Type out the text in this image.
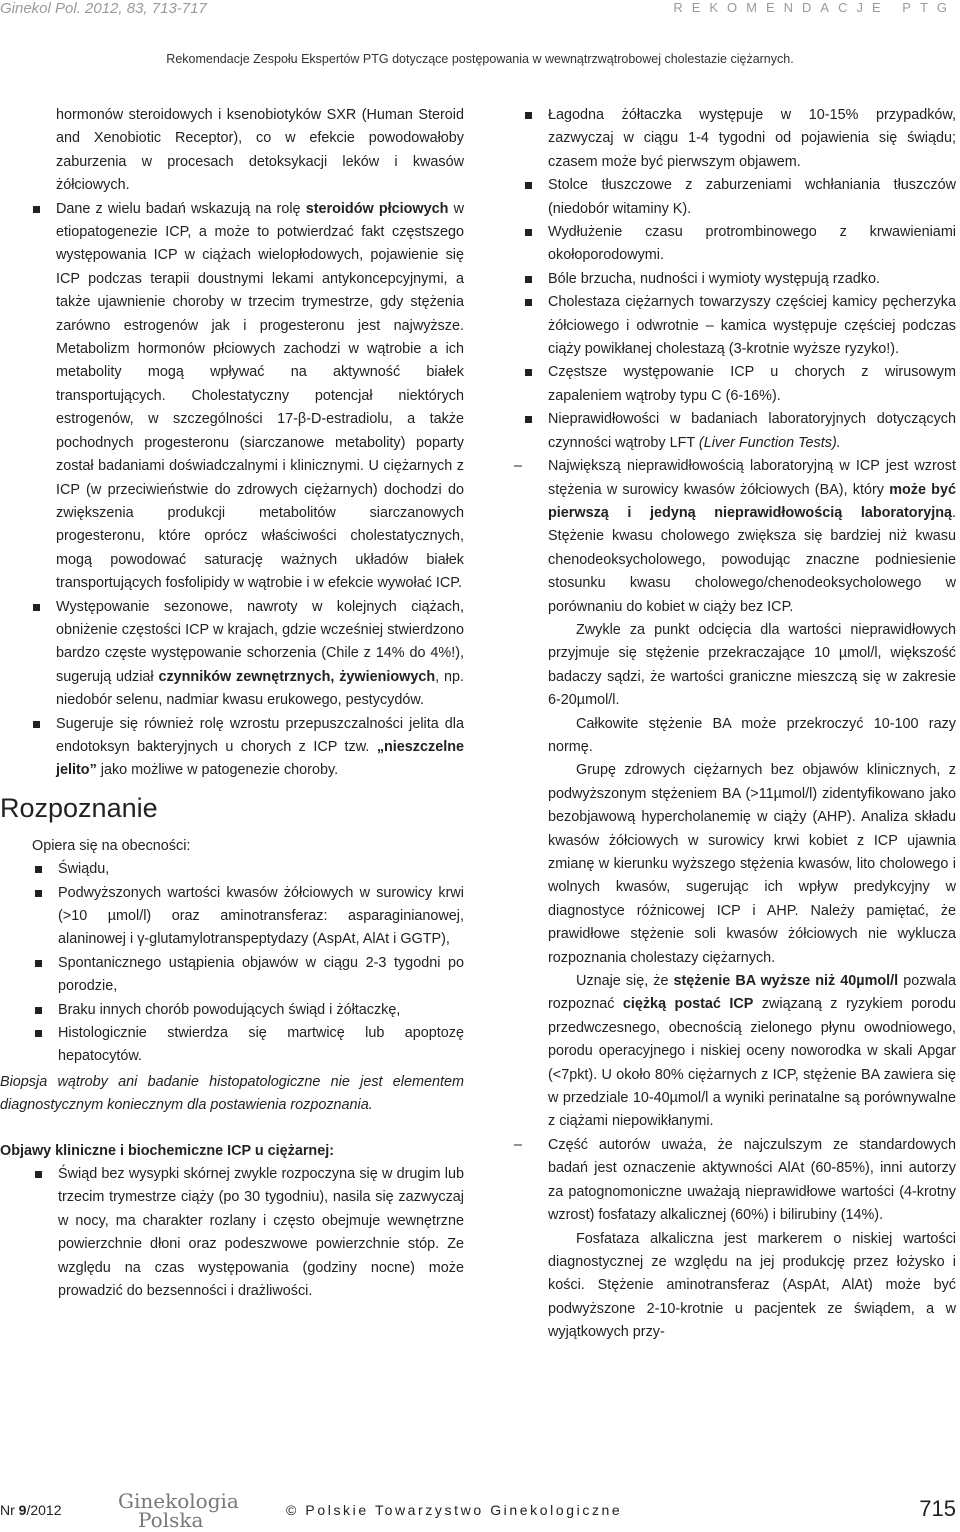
Ginekol Pol. 2012, 83, 713-717	REKOMENDACJE PTG
Rekomendacje Zespołu Ekspertów PTG dotyczące postępowania w wewnątrzwątrobowej cholestazie ciężarnych.

hormonów steroidowych i ksenobiotyków SXR (Human Steroid and Xenobiotic Receptor), co w efekcie powodowałoby zaburzenia w procesach detoksykacji leków i kwasów żółciowych.

Dane z wielu badań wskazują na rolę steroidów płciowych w etiopatogenezie ICP, a może to potwierdzać fakt częstszego występowania ICP w ciążach wielopłodowych, pojawienie się ICP podczas terapii doustnymi lekami antykoncepcyjnymi, a także ujawnienie choroby w trzecim trymestrze, gdy stężenia zarówno estrogenów jak i progesteronu jest najwyższe. Metabolizm hormonów płciowych zachodzi w wątrobie a ich metabolity mogą wpływać na aktywność białek transportujących. Cholestatyczny potencjał niektórych estrogenów, w szczególności 17-β-D-estradiolu, a także pochodnych progesteronu (siarczanowe metabolity) poparty został badaniami doświadczalnymi i klinicznymi. U ciężarnych z ICP (w przeciwieństwie do zdrowych ciężarnych) dochodzi do zwiększenia produkcji metabolitów siarczanowych progesteronu, które oprócz właściwości cholestatycznych, mogą powodować saturację ważnych układów białek transportujących fosfolipidy w wątrobie i w efekcie wywołać ICP.

Występowanie sezonowe, nawroty w kolejnych ciążach, obniżenie częstości ICP w krajach, gdzie wcześniej stwierdzono bardzo częste występowanie schorzenia (Chile z 14% do 4%!), sugerują udział czynników zewnętrznych, żywieniowych, np. niedobór selenu, nadmiar kwasu erukowego, pestycydów.

Sugeruje się również rolę wzrostu przepuszczalności jelita dla endotoksyn bakteryjnych u chorych z ICP tzw. „nieszczelne jelito” jako możliwe w patogenezie choroby.

Rozpoznanie

Opiera się na obecności:

Świądu,

Podwyższonych wartości kwasów żółciowych w surowicy krwi (>10 µmol/l) oraz aminotransferaz: asparaginianowej, alaninowej i γ-glutamylotranspeptydazy (AspAt, AlAt i GGTP),

Spontanicznego ustąpienia objawów w ciągu 2-3 tygodni po porodzie,

Braku innych chorób powodujących świąd i żółtaczkę,

Histologicznie stwierdza się martwicę lub apoptozę hepatocytów.

Biopsja wątroby ani badanie histopatologiczne nie jest elementem diagnostycznym koniecznym dla postawienia rozpoznania.

Objawy kliniczne i biochemiczne ICP u ciężarnej:

Świąd bez wysypki skórnej zwykle rozpoczyna się w drugim lub trzecim trymestrze ciąży (po 30 tygodniu), nasila się zazwyczaj w nocy, ma charakter rozlany i często obejmuje wewnętrzne powierzchnie dłoni oraz podeszwowe powierzchnie stóp. Ze względu na czas występowania (godziny nocne) może prowadzić do bezsenności i drażliwości.

Łagodna żółtaczka występuje w 10-15% przypadków, zazwyczaj w ciągu 1-4 tygodni od pojawienia się świądu; czasem może być pierwszym objawem.

Stolce tłuszczowe z zaburzeniami wchłaniania tłuszczów (niedobór witaminy K).

Wydłużenie czasu protrombinowego z krwawieniami okołoporodowymi.

Bóle brzucha, nudności i wymioty występują rzadko.

Cholestaza ciężarnych towarzyszy częściej kamicy pęcherzyka żółciowego i odwrotnie – kamica występuje częściej podczas ciąży powikłanej cholestazą (3-krotnie wyższe ryzyko!).

Częstsze występowanie ICP u chorych z wirusowym zapaleniem wątroby typu C (6-16%).

Nieprawidłowości w badaniach laboratoryjnych dotyczących czynności wątroby LFT (Liver Function Tests).

– Największą nieprawidłowością laboratoryjną w ICP jest wzrost stężenia w surowicy kwasów żółciowych (BA), który może być pierwszą i jedyną nieprawidłowością laboratoryjną. Stężenie kwasu cholowego zwiększa się bardziej niż kwasu chenodeoksycholowego, powodując znaczne podniesienie stosunku kwasu cholowego/chenodeoksycholowego w porównaniu do kobiet w ciąży bez ICP.

Zwykle za punkt odcięcia dla wartości nieprawidłowych przyjmuje się stężenie przekraczające 10 µmol/l, większość badaczy sądzi, że wartości graniczne mieszczą się w zakresie 6-20µmol/l.

Całkowite stężenie BA może przekroczyć 10-100 razy normę.

Grupę zdrowych ciężarnych bez objawów klinicznych, z podwyższonym stężeniem BA (>11µmol/l) zidentyfikowano jako bezobjawową hypercholanemię w ciąży (AHP). Analiza składu kwasów żółciowych w surowicy krwi kobiet z ICP ujawnia zmianę w kierunku wyższego stężenia kwasów, lito cholowego i wolnych kwasów, sugerując ich wpływ predykcyjny w diagnostyce różnicowej ICP i AHP. Należy pamiętać, że prawidłowe stężenie soli kwasów żółciowych nie wyklucza rozpoznania cholestazy ciężarnych.

Uznaje się, że stężenie BA wyższe niż 40µmol/l pozwala rozpoznać ciężką postać ICP związaną z ryzykiem porodu przedwczesnego, obecnością zielonego płynu owodniowego, porodu operacyjnego i niskiej oceny noworodka w skali Apgar (<7pkt). U około 80% ciężarnych z ICP, stężenie BA zawiera się w przedziale 10-40µmol/l a wyniki perinatalne są porównywalne z ciążami niepowikłanymi.

– Część autorów uważa, że najczulszym ze standardowych badań jest oznaczenie aktywności AlAt (60-85%), inni autorzy za patognomoniczne uważają nieprawidłowe wartości (4-krotny wzrost) fosfatazy alkalicznej (60%) i bilirubiny (14%).

Fosfataza alkaliczna jest markerem o niskiej wartości diagnostycznej ze względu na jej produkcję przez łożysko i kości. Stężenie aminotransferaz (AspAt, AlAt) może być podwyższone 2-10-krotnie u pacjentek ze świądem, a w wyjątkowych przy-

Nr 9/2012	Ginekologia
Polska	© Polskie Towarzystwo Ginekologiczne	715
